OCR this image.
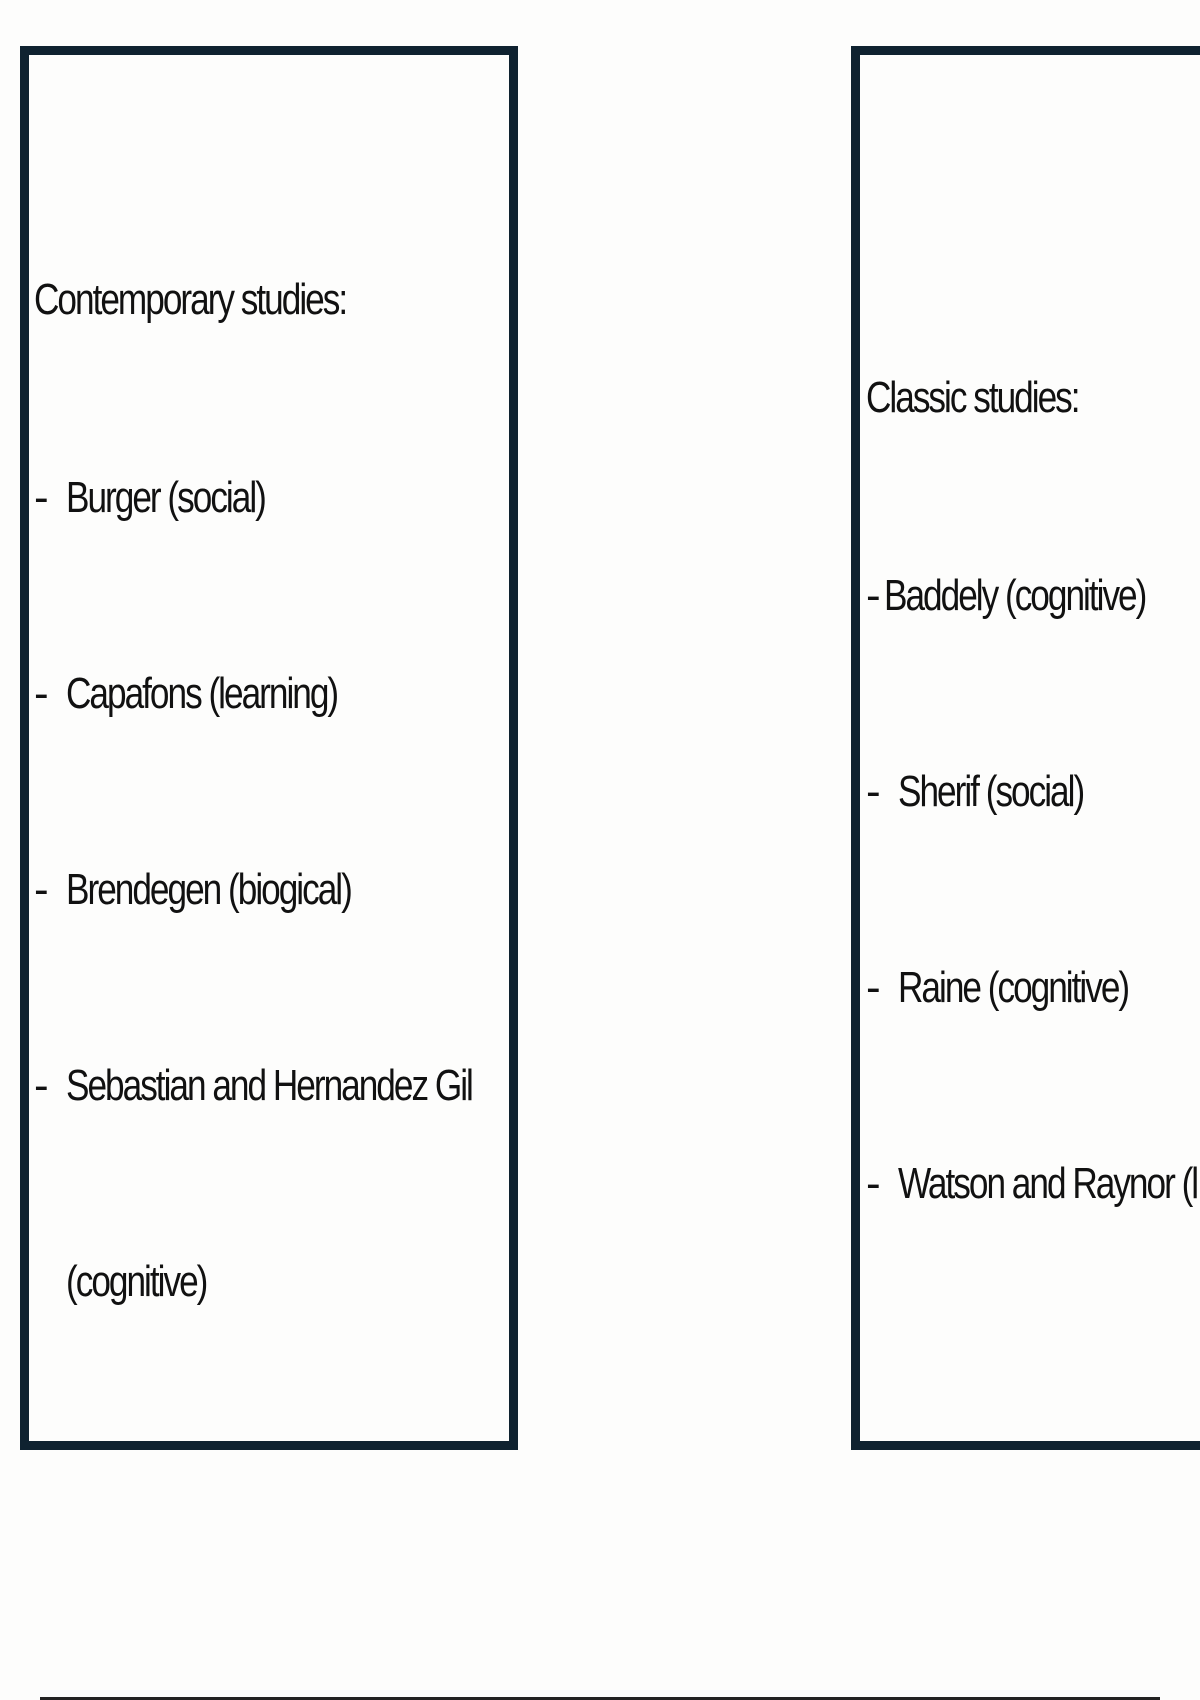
Contemporary studies:
- Burger (social)
- Capafons (learning)
- Brendegen (biogical)
- Sebastian and Hernandez Gil
(cognitive)
Classic studies:
- Baddely (cognitive)
- Sherif (social)
- Raine (cognitive)
- Watson and Raynor (l
